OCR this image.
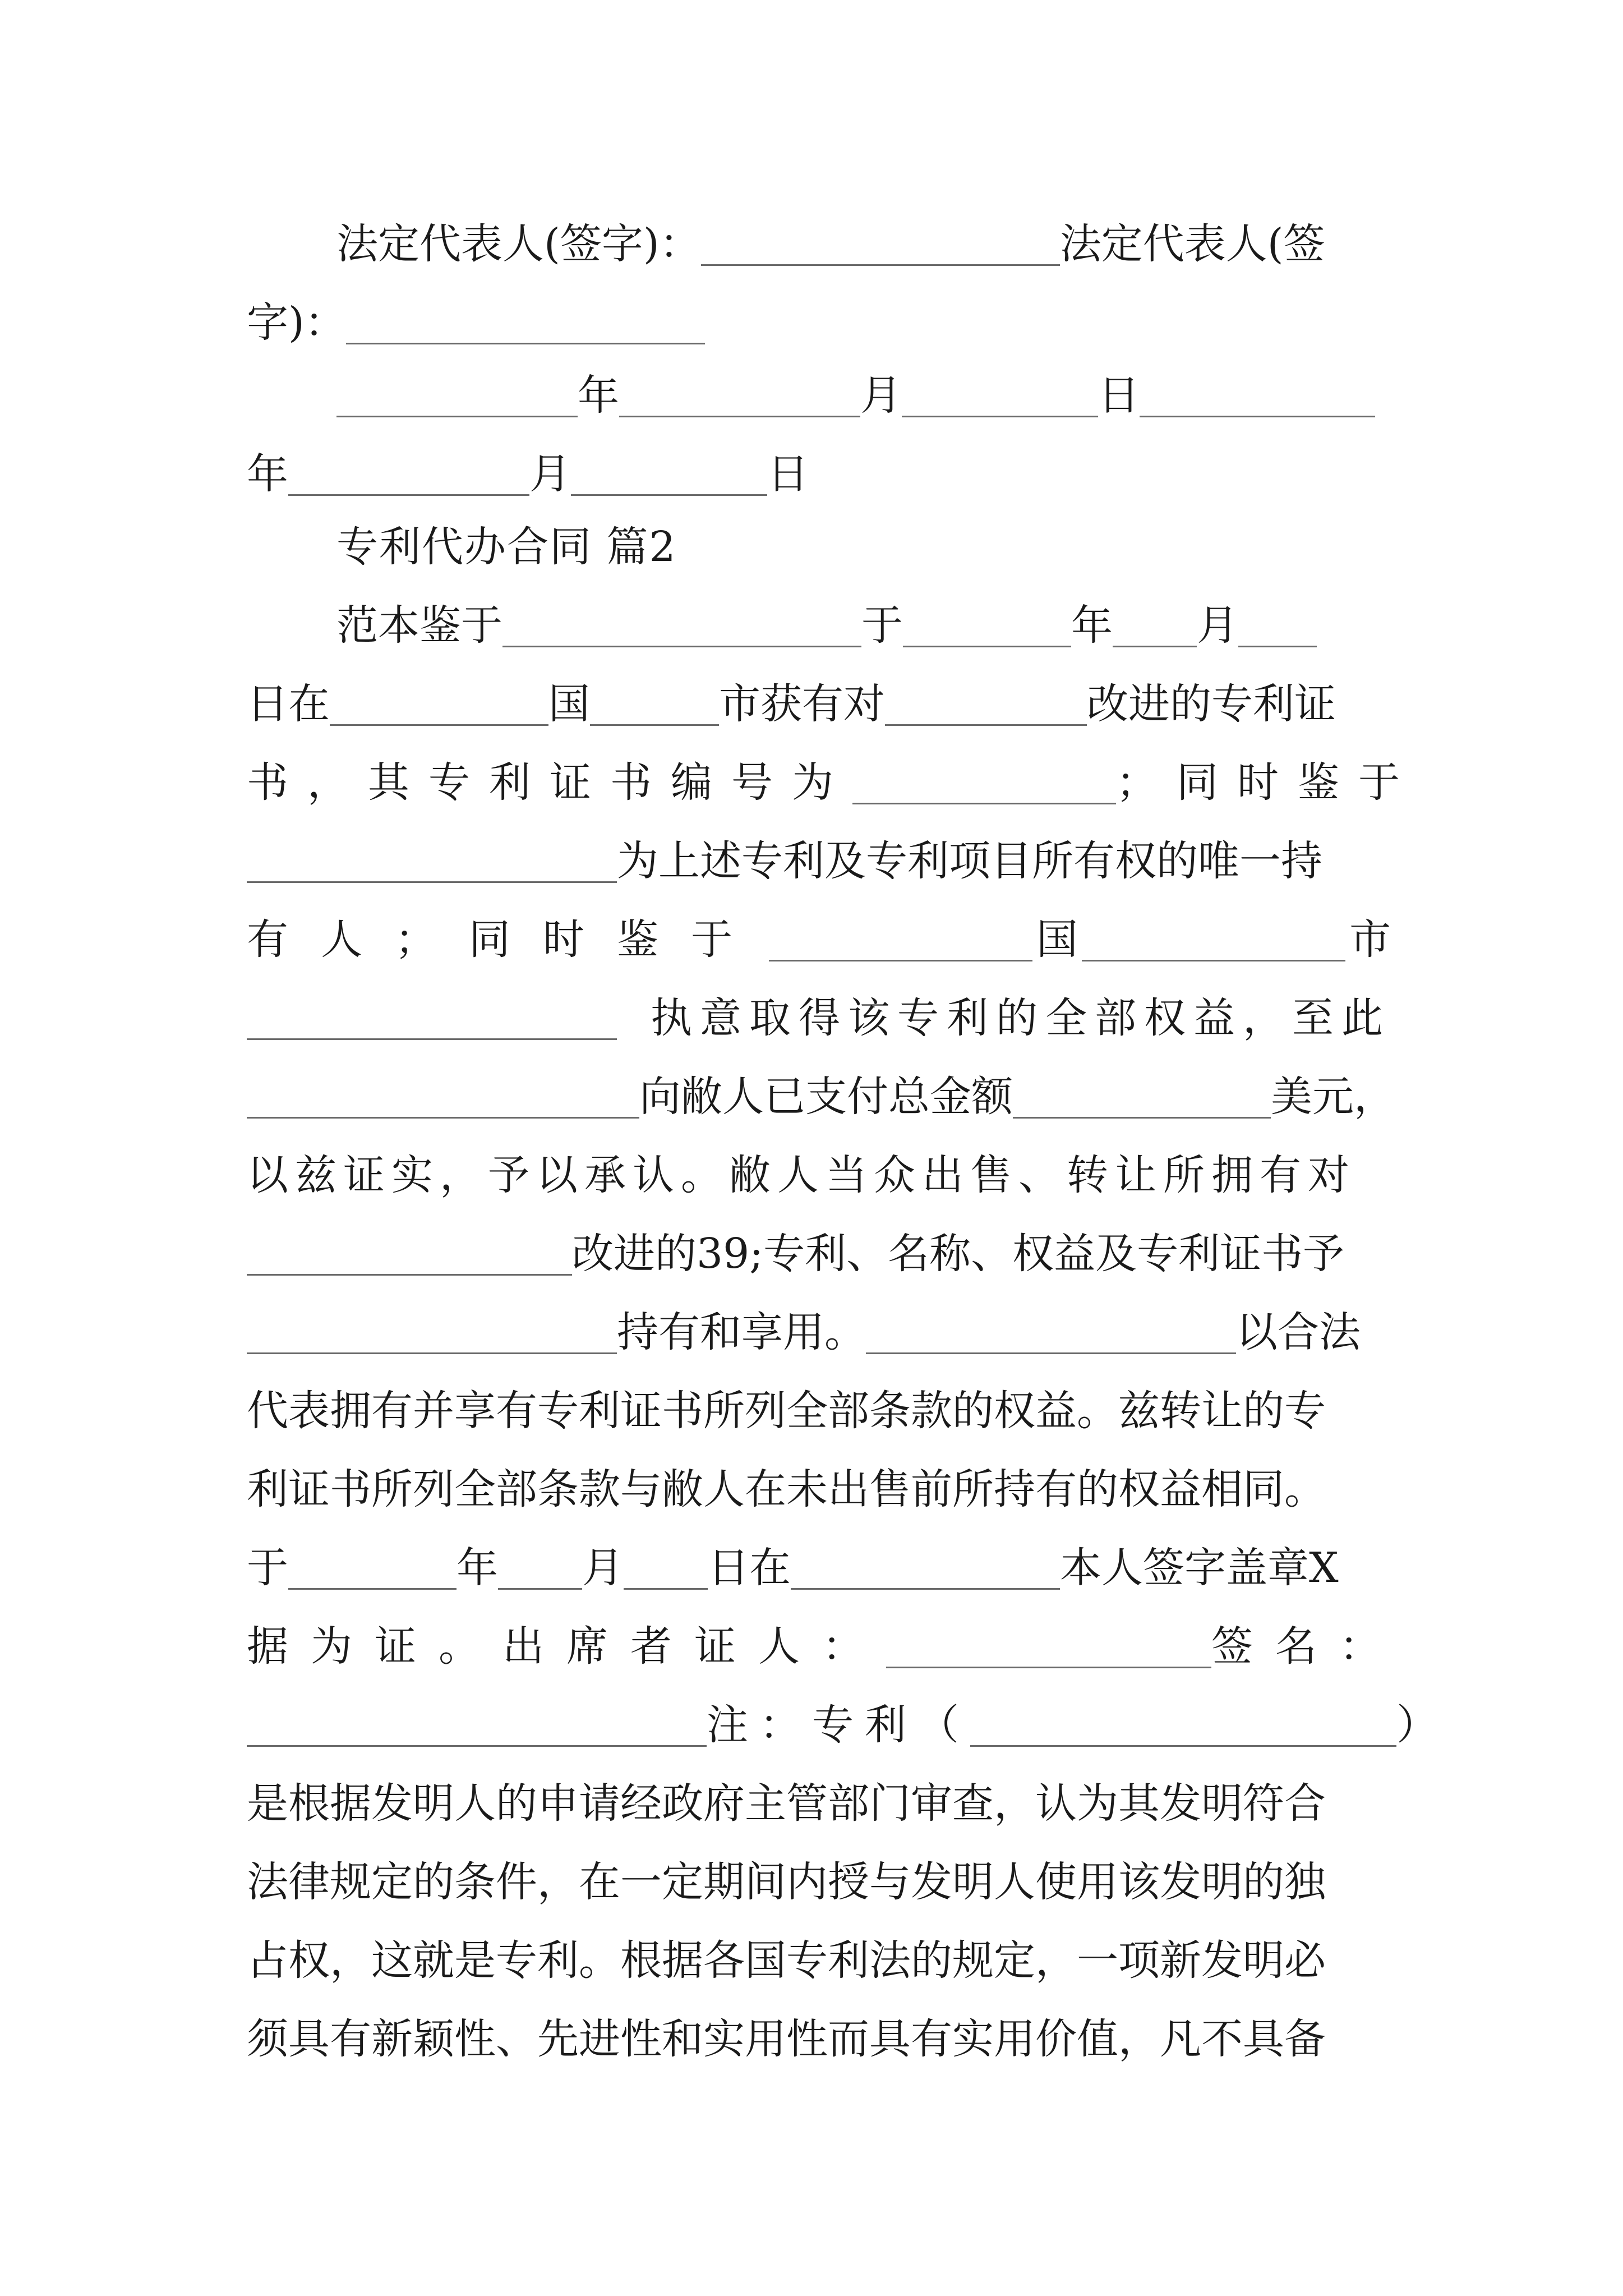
法定代表人(签字)：	法定代表人(签
字)：
年	月	日
年	月	日
专利代办合同 篇2
范本鉴于	于	年 月
日在	国	市获有对	改进的专利证
书，其专利证书编号为	；同时鉴于
为上述专利及专利项目所有权的唯一持
有人；同时鉴于	国	市
执意取得该专利的全部权益，至此
向敝人已支付总金额	美元，
以兹证实，予以承认。敝人当众出售、转让所拥有对
改进的39;专利、名称、权益及专利证书予
持有和享用。	以合法
代表拥有并享有专利证书所列全部条款的权益。兹转让的专
利证书所列全部条款与敝人在未出售前所持有的权益相同。
于	年 月 日在	本人签字盖章X
据为证。出席者证人：	签名：
注：专利（	）
是根据发明人的申请经政府主管部门审查，认为其发明符合
法律规定的条件，在一定期间内授与发明人使用该发明的独
占权，这就是专利。根据各国专利法的规定，一项新发明必
须具有新颖性、先进性和实用性而具有实用价值，凡不具备
